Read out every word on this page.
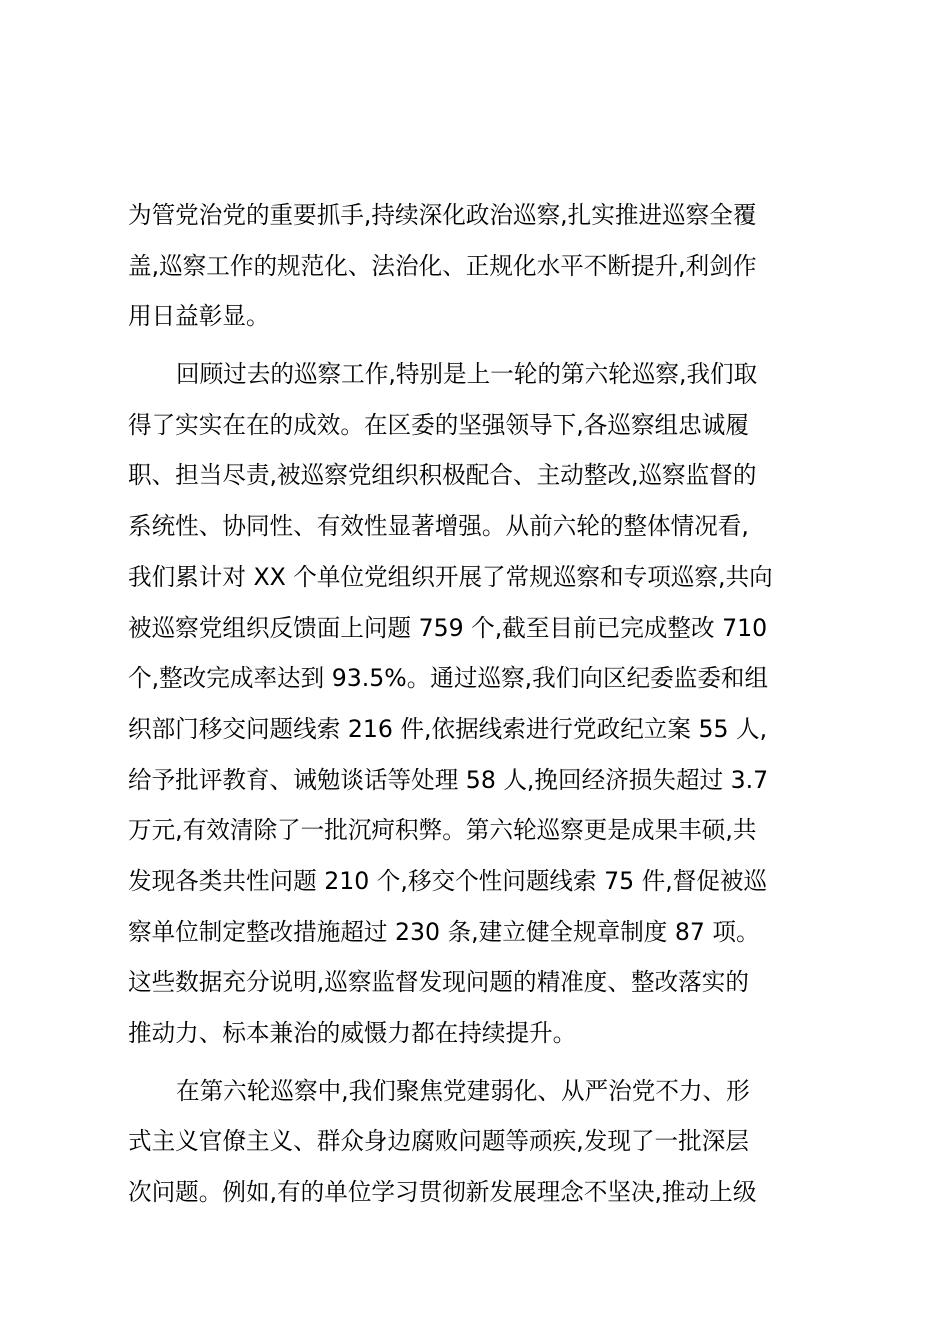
为管党治党的重要抓手,持续深化政治巡察,扎实推进巡察全覆
盖,巡察工作的规范化、法治化、正规化水平不断提升,利剑作
用日益彰显。
回顾过去的巡察工作,特别是上一轮的第六轮巡察,我们取
得了实实在在的成效。在区委的坚强领导下,各巡察组忠诚履
职、担当尽责,被巡察党组织积极配合、主动整改,巡察监督的
系统性、协同性、有效性显著增强。从前六轮的整体情况看,
我们累计对 XX 个单位党组织开展了常规巡察和专项巡察,共向
被巡察党组织反馈面上问题 759 个,截至目前已完成整改 710
个,整改完成率达到 93.5%。通过巡察,我们向区纪委监委和组
织部门移交问题线索 216 件,依据线索进行党政纪立案 55 人,
给予批评教育、诫勉谈话等处理 58 人,挽回经济损失超过 3.7
万元,有效清除了一批沉疴积弊。第六轮巡察更是成果丰硕,共
发现各类共性问题 210 个,移交个性问题线索 75 件,督促被巡
察单位制定整改措施超过 230 条,建立健全规章制度 87 项。
这些数据充分说明,巡察监督发现问题的精准度、整改落实的
推动力、标本兼治的威慑力都在持续提升。
在第六轮巡察中,我们聚焦党建弱化、从严治党不力、形
式主义官僚主义、群众身边腐败问题等顽疾,发现了一批深层
次问题。例如,有的单位学习贯彻新发展理念不坚决,推动上级
